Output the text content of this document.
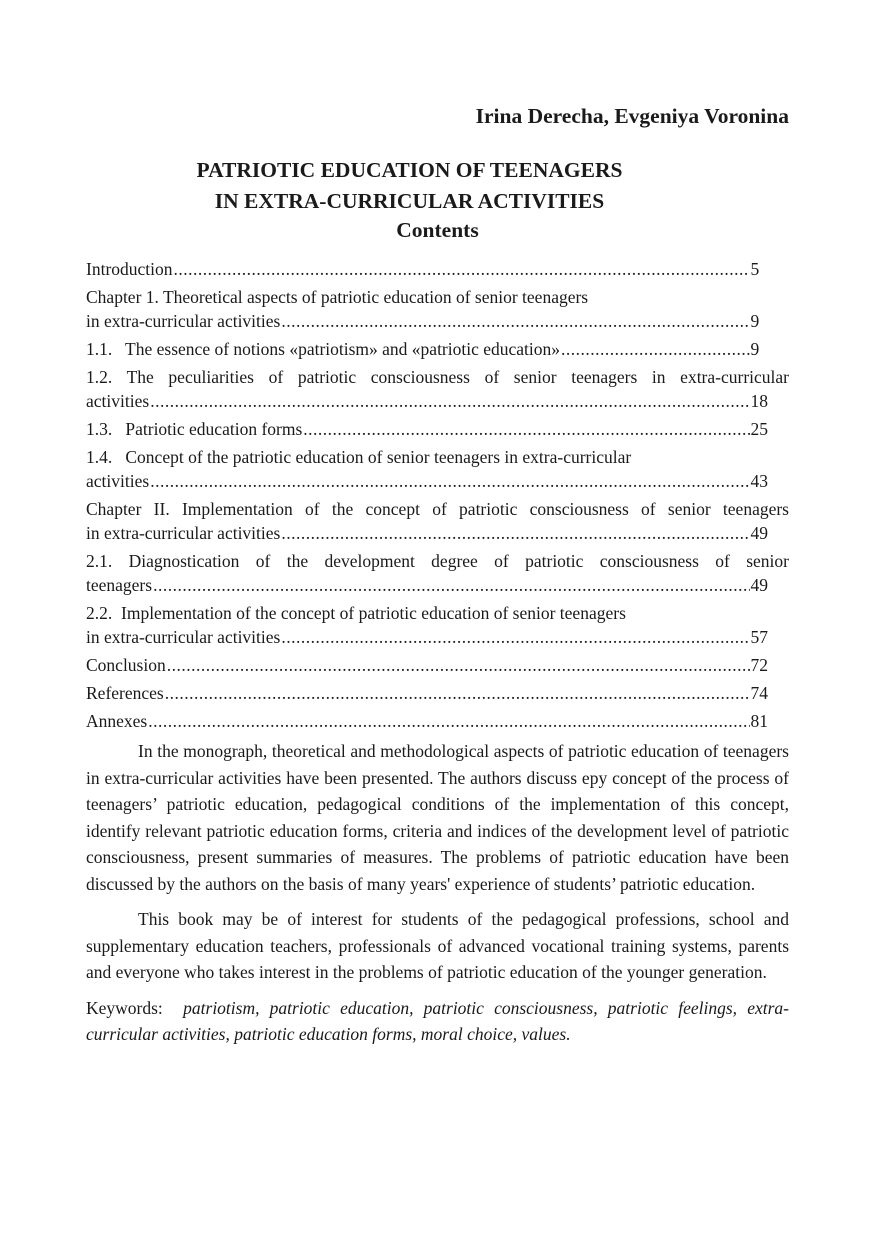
Irina Derecha, Evgeniya Voronina
PATRIOTIC EDUCATION OF TEENAGERS
IN EXTRA-CURRICULAR ACTIVITIES
Contents
Introduction .....	5
Chapter 1. Theoretical aspects of patriotic education of senior teenagers
in extra-curricular activities .....	9
1.1.   The essence of notions «patriotism» and «patriotic education» .....	9
1.2. The peculiarities of patriotic consciousness of senior teenagers in extra-curricular
activities .....	18
1.3.   Patriotic education forms .....	25
1.4.   Concept of the patriotic education of senior teenagers in extra-curricular
activities .....	43
Chapter II. Implementation of the concept of patriotic consciousness of senior teenagers
in extra-curricular activities .....	49
2.1. Diagnostication of the development degree of patriotic consciousness of senior
teenagers .....	49
2.2.  Implementation of the concept of patriotic education of senior teenagers
in extra-curricular activities .....	57
Conclusion .....	72
References .....	74
Annexes .....	81

In the monograph, theoretical and methodological aspects of patriotic education of teenagers in extra-curricular activities have been presented. The authors discuss epy concept of the process of teenagers’ patriotic education, pedagogical conditions of the implementation of this concept, identify relevant patriotic education forms, criteria and indices of the development level of patriotic consciousness, present summaries of measures. The problems of patriotic education have been discussed by the authors on the basis of many years' experience of students’ patriotic education.

This book may be of interest for students of the pedagogical professions, school and supplementary education teachers, professionals of advanced vocational training systems, parents and everyone who takes interest in the problems of patriotic education of the younger generation.

Keywords:  patriotism, patriotic education, patriotic consciousness, patriotic feelings, extra-curricular activities, patriotic education forms, moral choice, values.
